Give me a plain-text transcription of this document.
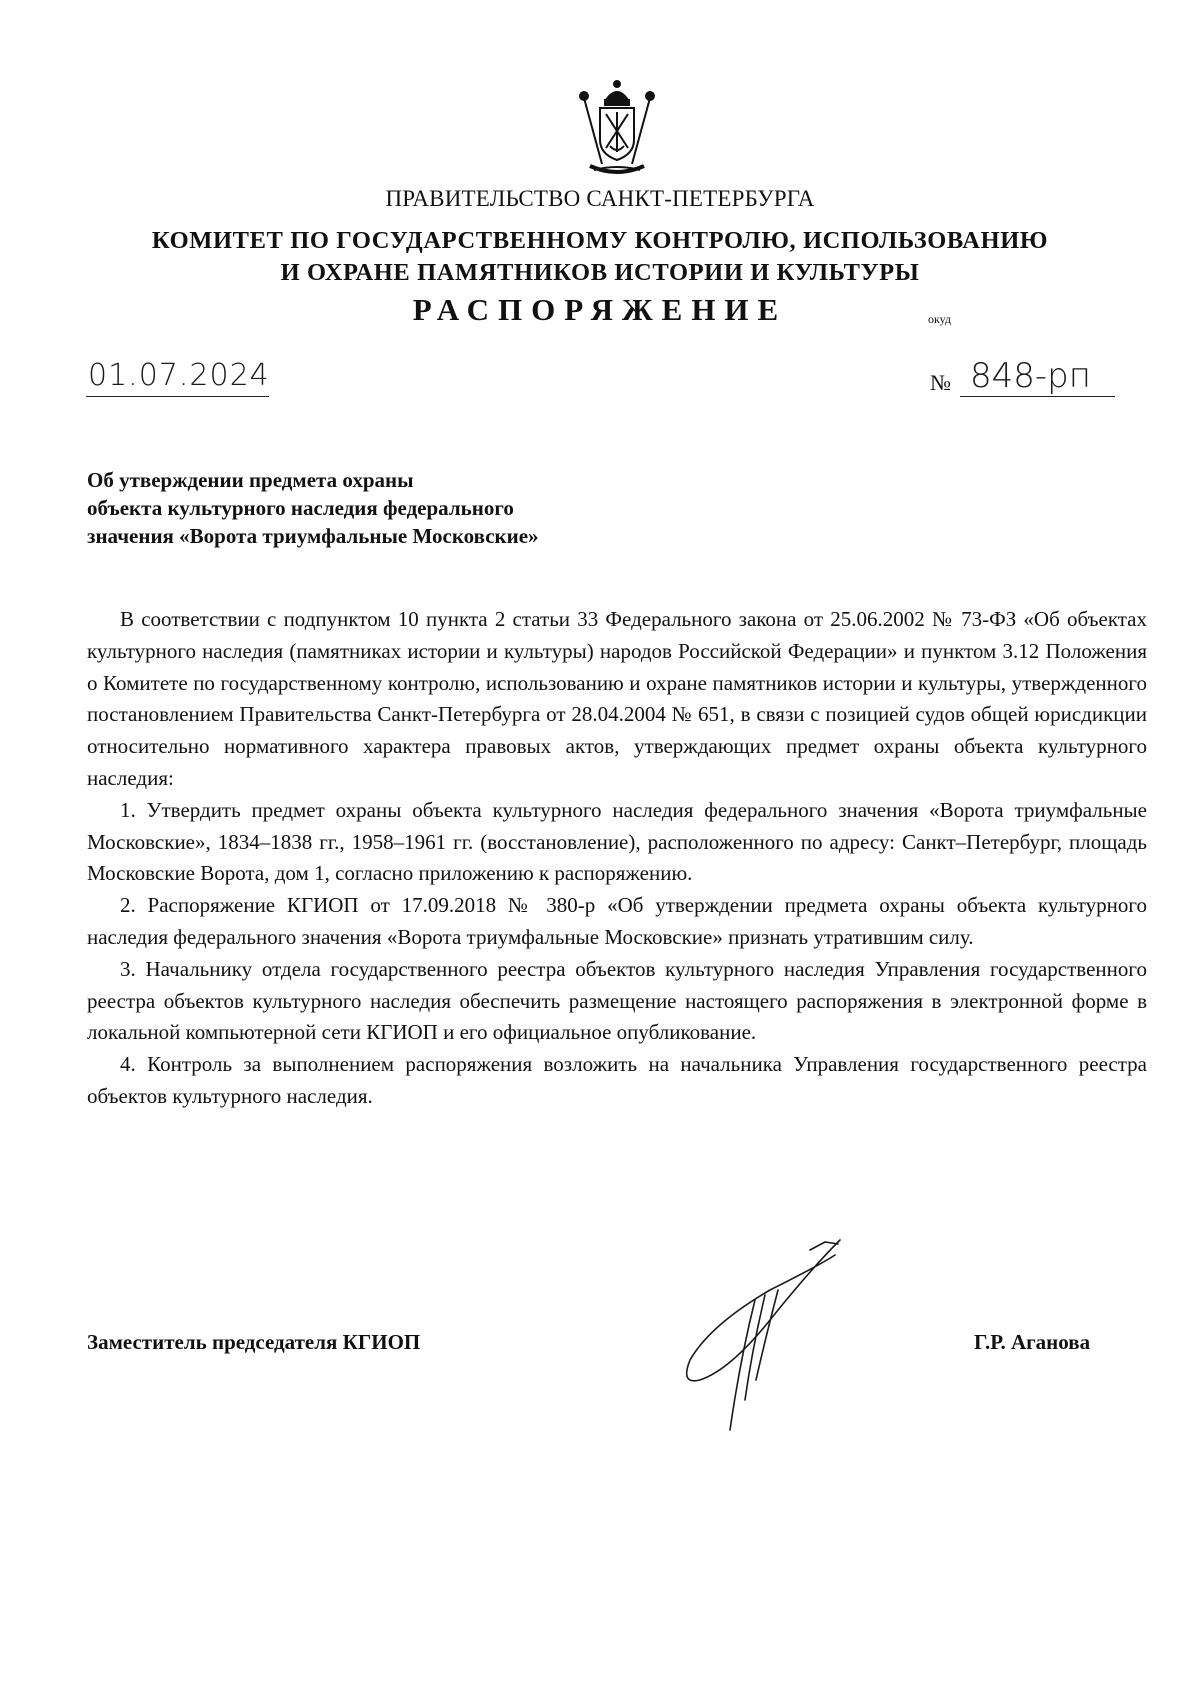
ПРАВИТЕЛЬСТВО САНКТ-ПЕТЕРБУРГА
КОМИТЕТ ПО ГОСУДАРСТВЕННОМУ КОНТРОЛЮ, ИСПОЛЬЗОВАНИЮ
И ОХРАНЕ ПАМЯТНИКОВ ИСТОРИИ И КУЛЬТУРЫ
РАСПОРЯЖЕНИЕ	окуд
01.07.2024	№ 848-рп
Об утверждении предмета охраны
объекта культурного наследия федерального
значения «Ворота триумфальные Московские»

В соответствии с подпунктом 10 пункта 2 статьи 33 Федерального закона от 25.06.2002 № 73-ФЗ «Об объектах культурного наследия (памятниках истории и культуры) народов Российской Федерации» и пунктом 3.12 Положения о Комитете по государственному контролю, использованию и охране памятников истории и культуры, утвержденного постановлением Правительства Санкт-Петербурга от 28.04.2004 № 651, в связи с позицией судов общей юрисдикции относительно нормативного характера правовых актов, утверждающих предмет охраны объекта культурного наследия:

1. Утвердить предмет охраны объекта культурного наследия федерального значения «Ворота триумфальные Московские», 1834–1838 гг., 1958–1961 гг. (восстановление), расположенного по адресу: Санкт–Петербург, площадь Московские Ворота, дом 1, согласно приложению к распоряжению.

2. Распоряжение КГИОП от 17.09.2018 № 380-р «Об утверждении предмета охраны объекта культурного наследия федерального значения «Ворота триумфальные Московские» признать утратившим силу.

3. Начальнику отдела государственного реестра объектов культурного наследия Управления государственного реестра объектов культурного наследия обеспечить размещение настоящего распоряжения в электронной форме в локальной компьютерной сети КГИОП и его официальное опубликование.

4. Контроль за выполнением распоряжения возложить на начальника Управления государственного реестра объектов культурного наследия.

Заместитель председателя КГИОП	Г.Р. Аганова
